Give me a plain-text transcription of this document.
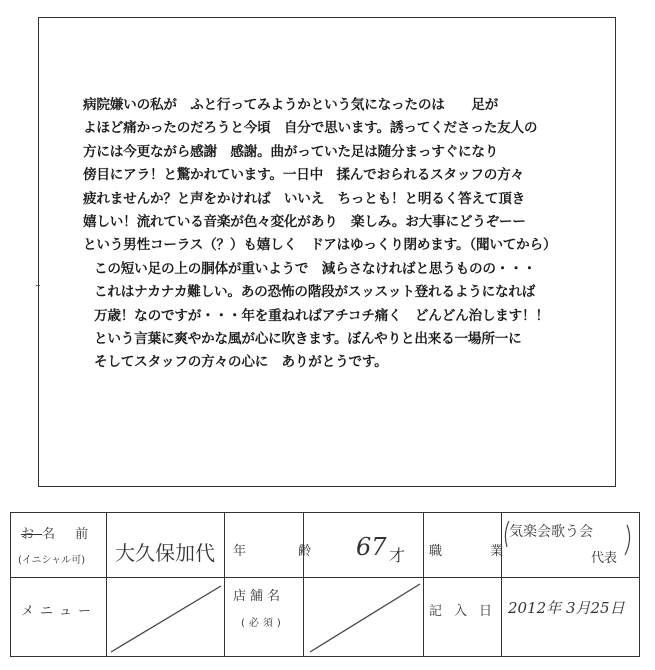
病院嫌いの私が　ふと行ってみようかという気になったのは　　足が
よほど痛かったのだろうと今頃　自分で思います。誘ってくださった友人の
方には今更ながら感謝　感謝。曲がっていた足は随分まっすぐになり
傍目にアラ！と驚かれています。一日中　揉んでおられるスタッフの方々
疲れませんか？と声をかければ　いいえ　ちっとも！と明るく答えて頂き
嬉しい！流れている音楽が色々変化があり　楽しみ。お大事にどうぞーー
という男性コーラス（？）も嬉しく　ドアはゆっくり閉めます。（聞いてから）
この短い足の上の胴体が重いようで　減らさなければと思うものの・・・
これはナカナカ難しい。あの恐怖の階段がスッスット登れるようになれば
万歳！なのですが・・・年を重ねればアチコチ痛く　どんどん治します！！
という言葉に爽やかな風が心に吹きます。ぼんやりと出来る一場所一に
そしてスタッフの方々の心に　ありがとうです。
お名 前
(イニシャル可) 大久保加代 年 齢 67 才 職 業
気楽会歌う会
代表
メニュー
店舗名
(必須)
記入日 2012年 3月25日
